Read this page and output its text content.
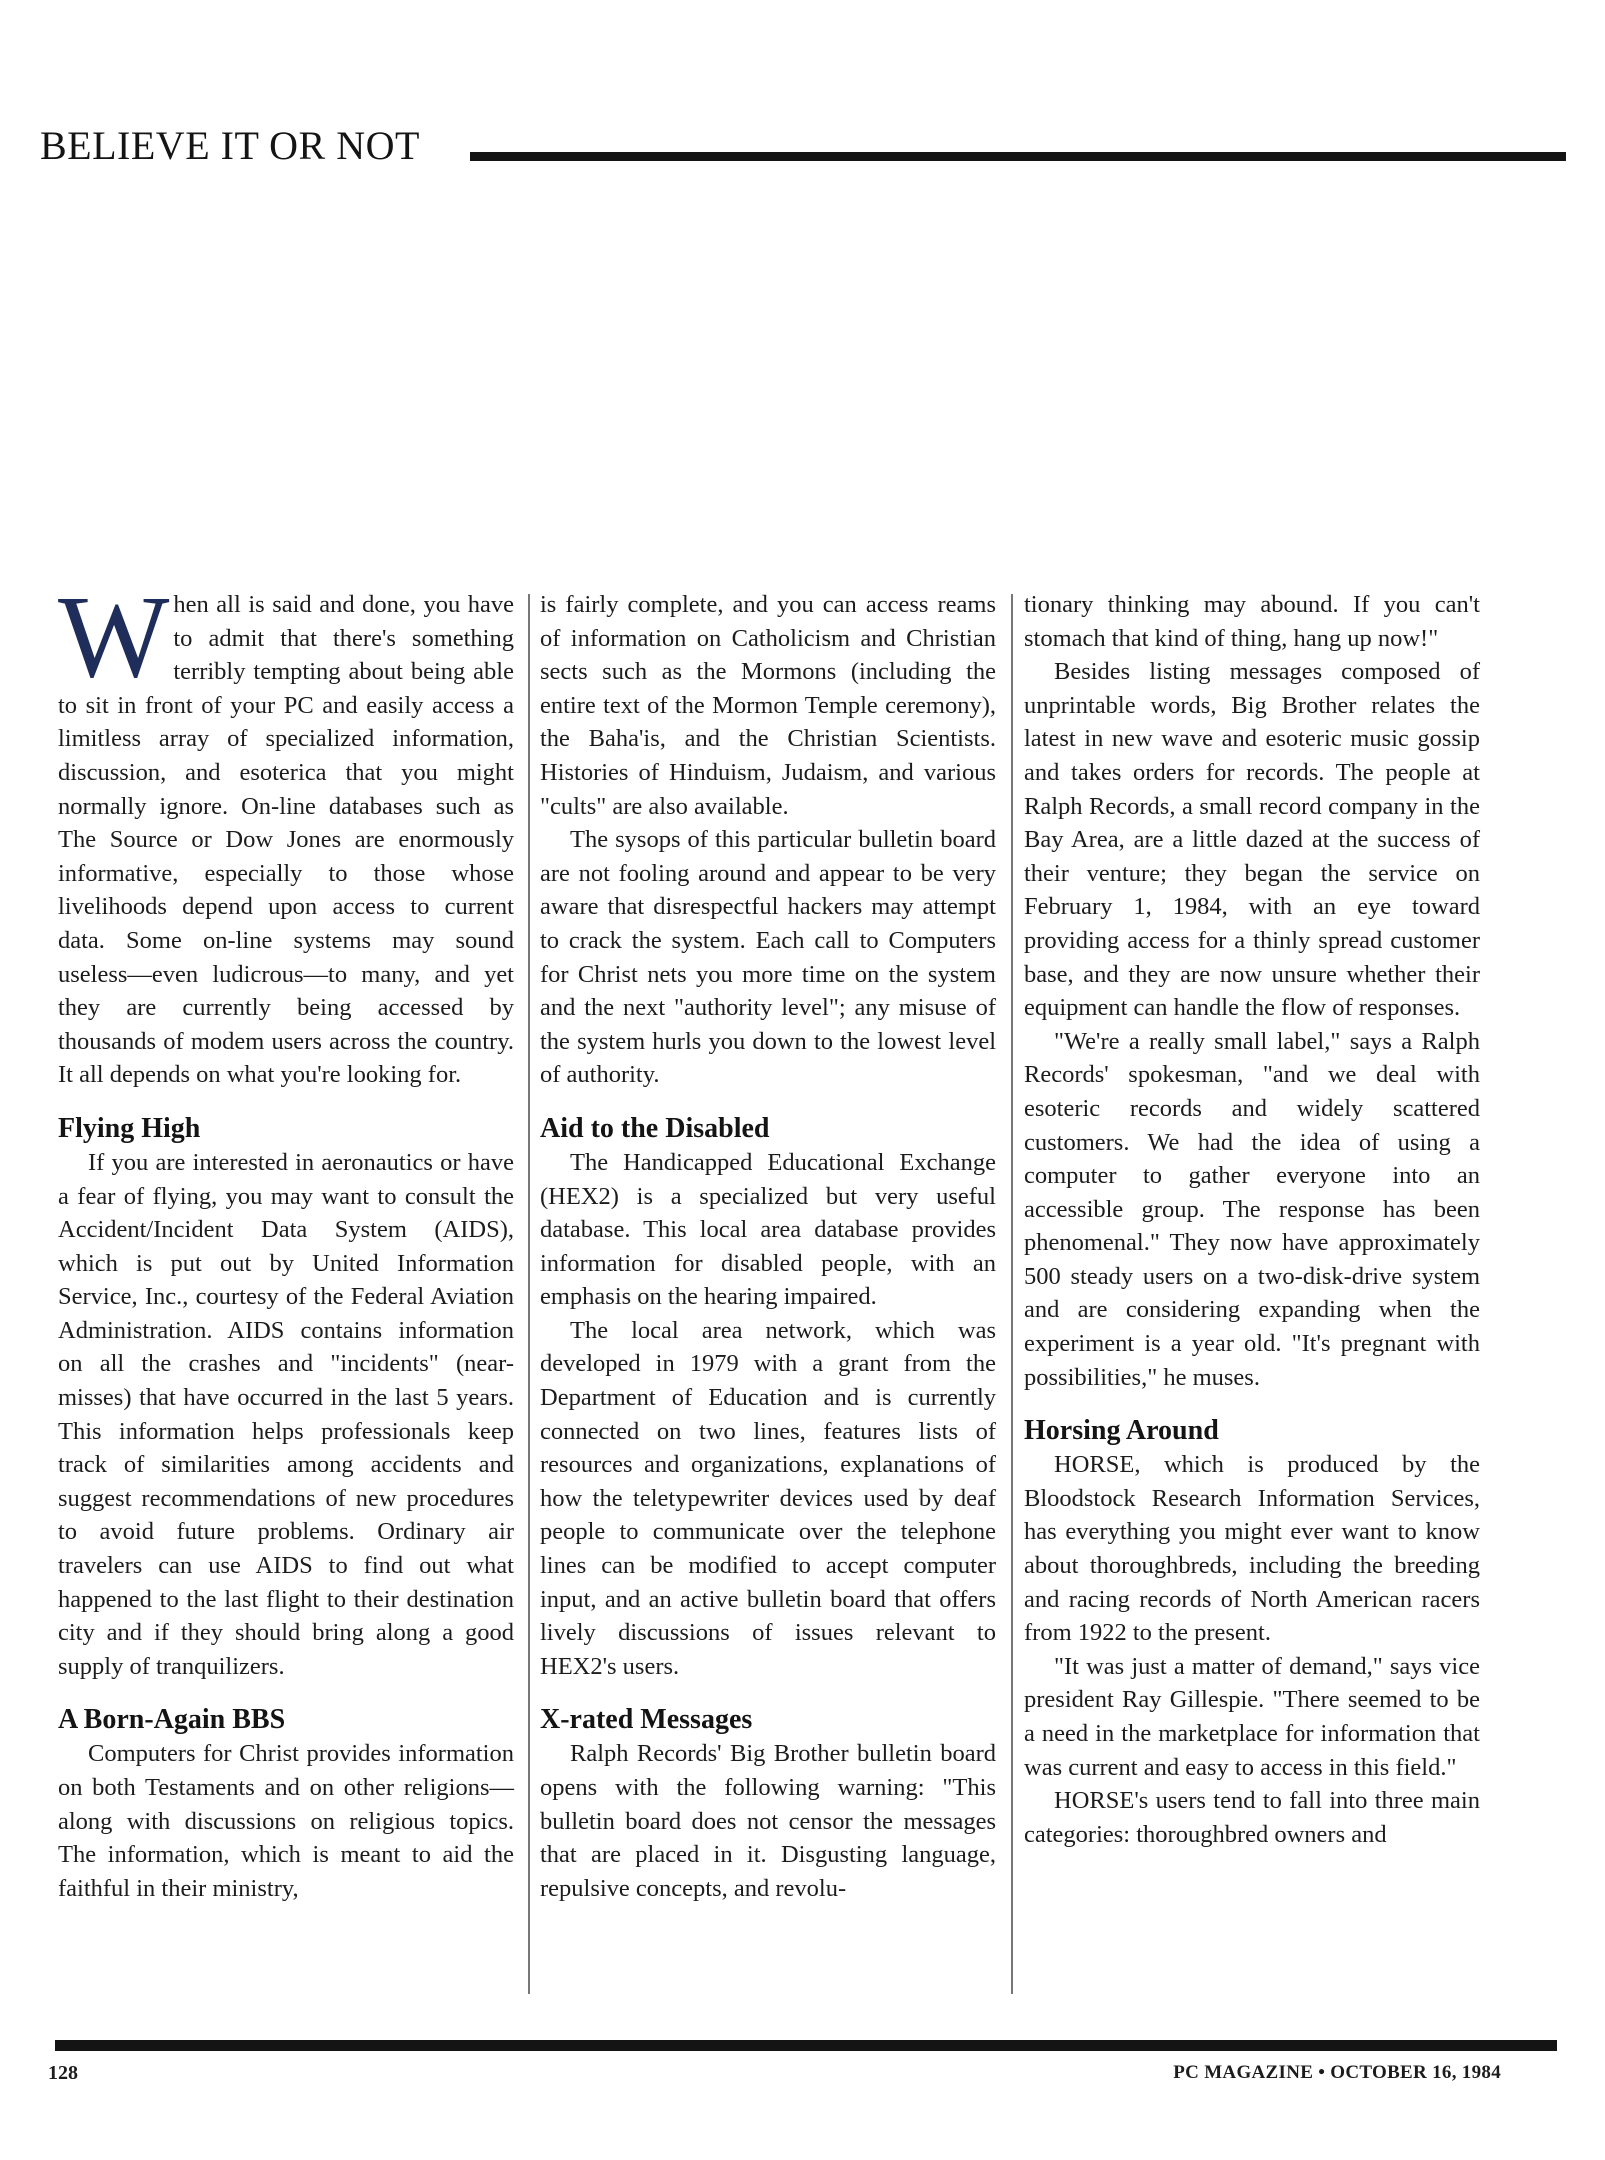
BELIEVE IT OR NOT

When all is said and done, you have to admit that there's something terribly tempting about being able to sit in front of your PC and easily access a limitless array of specialized information, discussion, and esoterica that you might normally ignore. On-line databases such as The Source or Dow Jones are enormously informative, especially to those whose livelihoods depend upon access to current data. Some on-line systems may sound useless—even ludicrous—to many, and yet they are currently being accessed by thousands of modem users across the country. It all depends on what you're looking for.

Flying High

If you are interested in aeronautics or have a fear of flying, you may want to consult the Accident/Incident Data System (AIDS), which is put out by United Information Service, Inc., courtesy of the Federal Aviation Administration. AIDS contains information on all the crashes and "incidents" (near-misses) that have occurred in the last 5 years. This information helps professionals keep track of similarities among accidents and suggest recommendations of new procedures to avoid future problems. Ordinary air travelers can use AIDS to find out what happened to the last flight to their destination city and if they should bring along a good supply of tranquilizers.

A Born-Again BBS

Computers for Christ provides information on both Testaments and on other religions—along with discussions on religious topics. The information, which is meant to aid the faithful in their ministry,

is fairly complete, and you can access reams of information on Catholicism and Christian sects such as the Mormons (including the entire text of the Mormon Temple ceremony), the Baha'is, and the Christian Scientists. Histories of Hinduism, Judaism, and various "cults" are also available.

The sysops of this particular bulletin board are not fooling around and appear to be very aware that disrespectful hackers may attempt to crack the system. Each call to Computers for Christ nets you more time on the system and the next "authority level"; any misuse of the system hurls you down to the lowest level of authority.

Aid to the Disabled

The Handicapped Educational Exchange (HEX2) is a specialized but very useful database. This local area database provides information for disabled people, with an emphasis on the hearing impaired.

The local area network, which was developed in 1979 with a grant from the Department of Education and is currently connected on two lines, features lists of resources and organizations, explanations of how the teletypewriter devices used by deaf people to communicate over the telephone lines can be modified to accept computer input, and an active bulletin board that offers lively discussions of issues relevant to HEX2's users.

X-rated Messages

Ralph Records' Big Brother bulletin board opens with the following warning: "This bulletin board does not censor the messages that are placed in it. Disgusting language, repulsive concepts, and revolu-

tionary thinking may abound. If you can't stomach that kind of thing, hang up now!"

Besides listing messages composed of unprintable words, Big Brother relates the latest in new wave and esoteric music gossip and takes orders for records. The people at Ralph Records, a small record company in the Bay Area, are a little dazed at the success of their venture; they began the service on February 1, 1984, with an eye toward providing access for a thinly spread customer base, and they are now unsure whether their equipment can handle the flow of responses.

"We're a really small label," says a Ralph Records' spokesman, "and we deal with esoteric records and widely scattered customers. We had the idea of using a computer to gather everyone into an accessible group. The response has been phenomenal." They now have approximately 500 steady users on a two-disk-drive system and are considering expanding when the experiment is a year old. "It's pregnant with possibilities," he muses.

Horsing Around

HORSE, which is produced by the Bloodstock Research Information Services, has everything you might ever want to know about thoroughbreds, including the breeding and racing records of North American racers from 1922 to the present.

"It was just a matter of demand," says vice president Ray Gillespie. "There seemed to be a need in the marketplace for information that was current and easy to access in this field."

HORSE's users tend to fall into three main categories: thoroughbred owners and

128	PC MAGAZINE • OCTOBER 16, 1984
